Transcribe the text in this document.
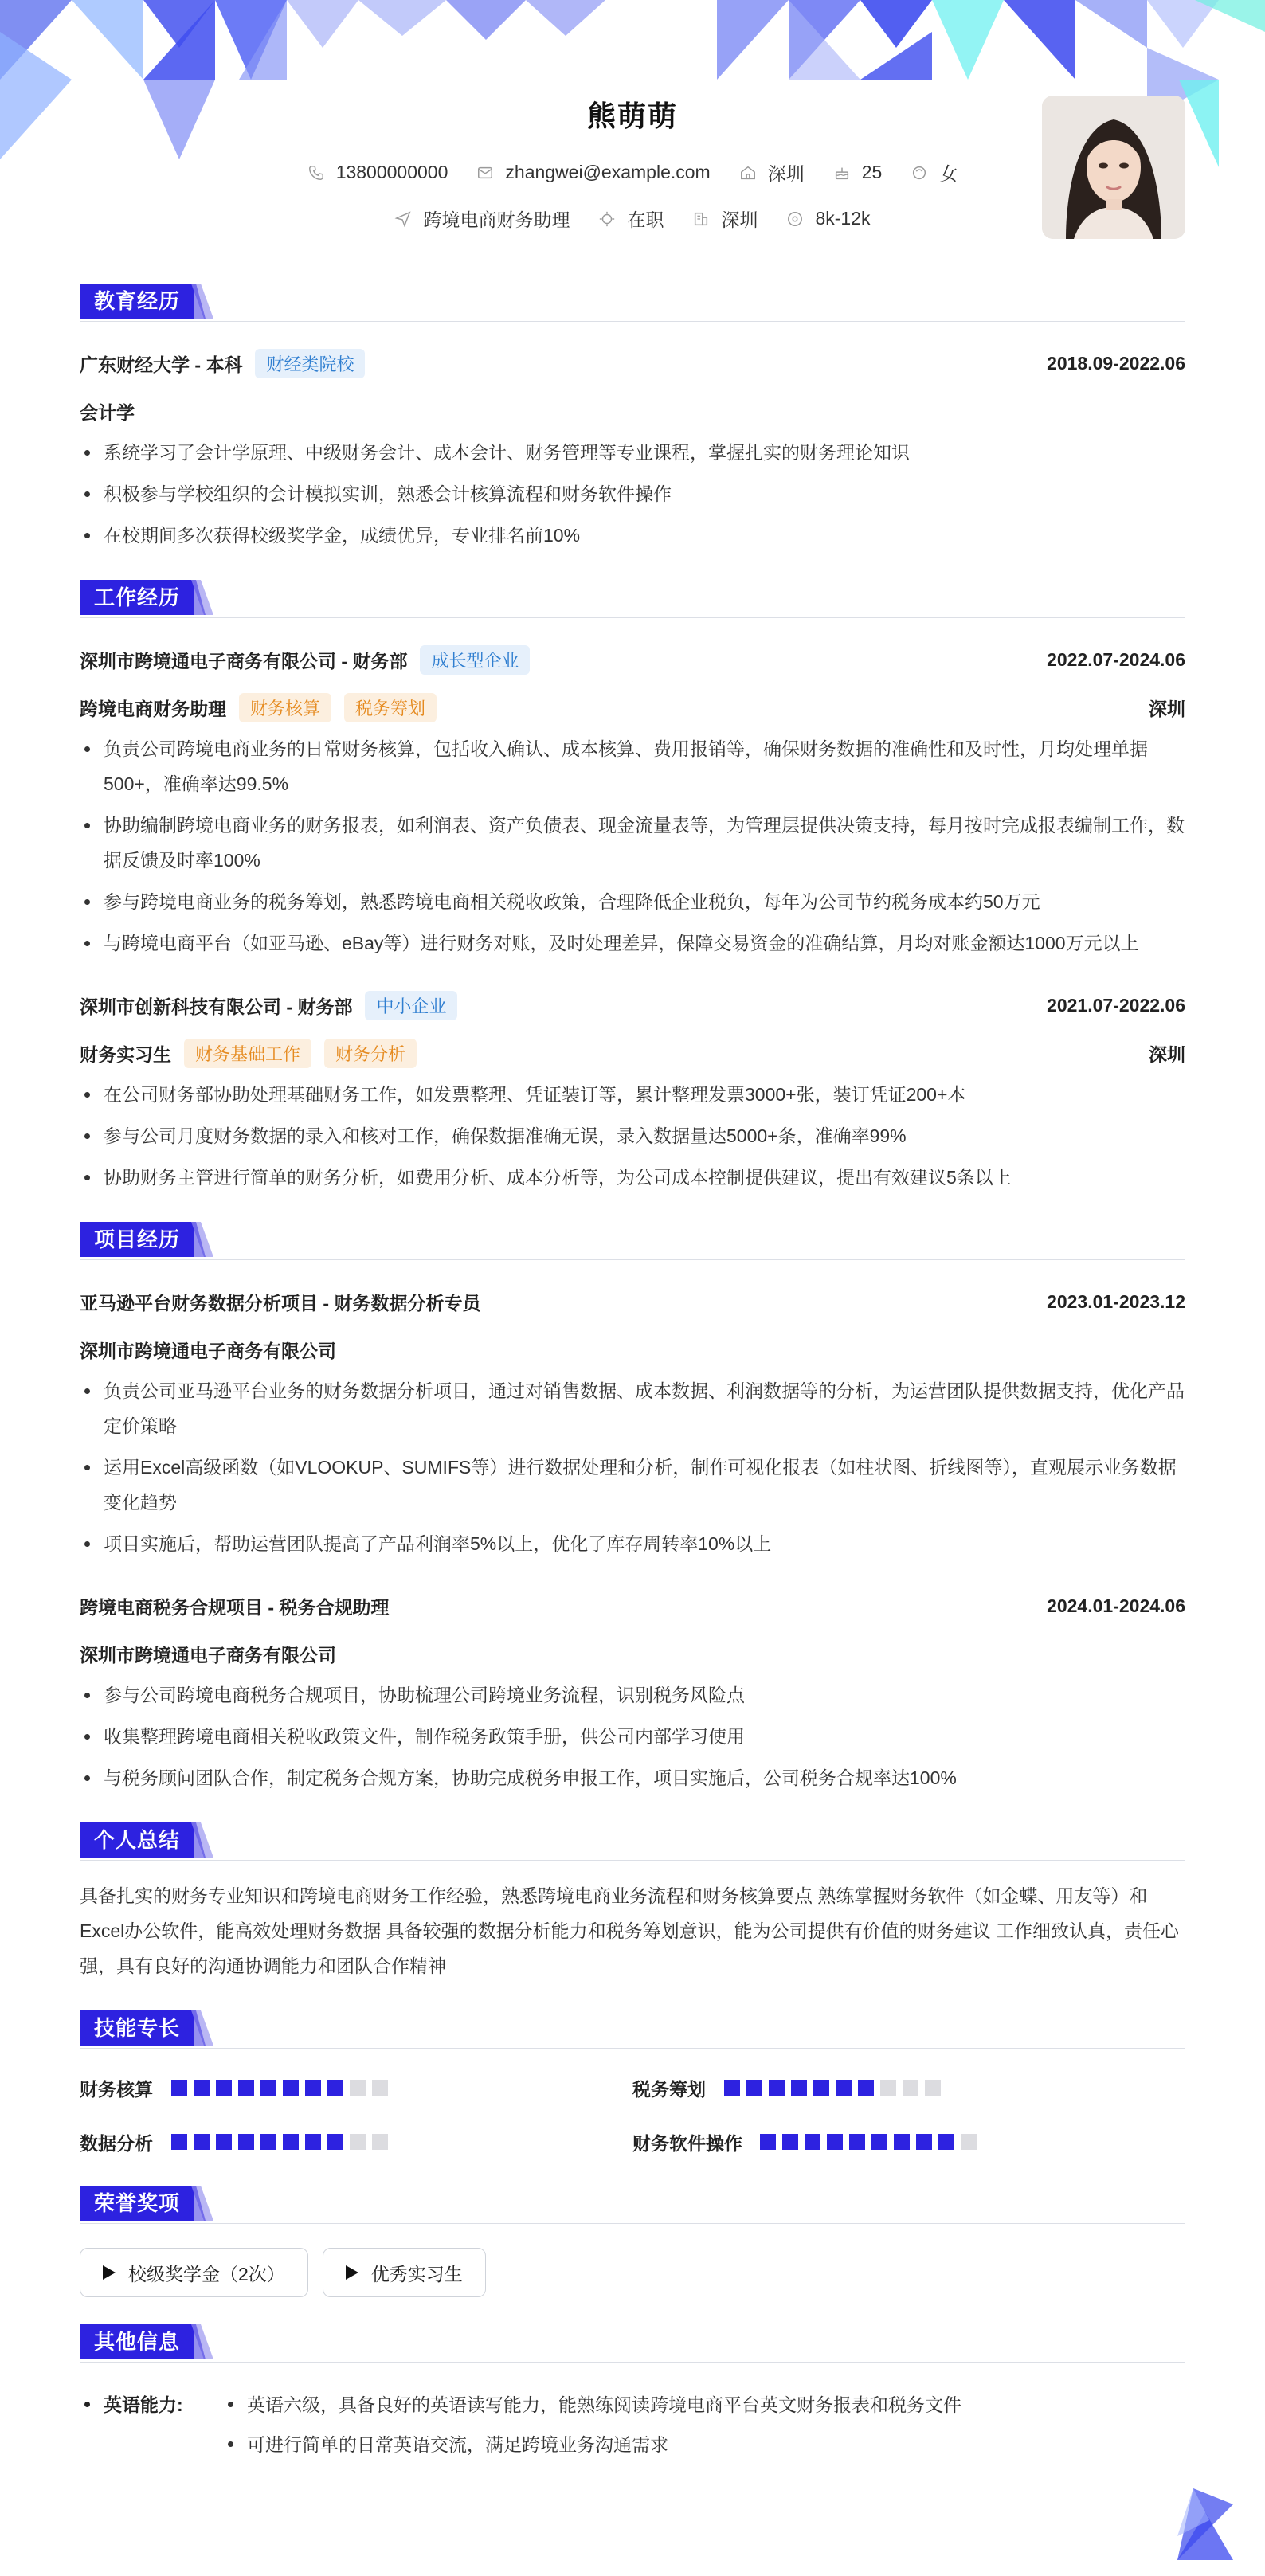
熊萌萌
13800000000	zhangwei@example.com	深圳	25	女
跨境电商财务助理	在职	深圳	8k-12k
教育经历
广东财经大学 - 本科	财经类院校	2018.09-2022.06
会计学
系统学习了会计学原理、中级财务会计、成本会计、财务管理等专业课程，掌握扎实的财务理论知识
积极参与学校组织的会计模拟实训，熟悉会计核算流程和财务软件操作
在校期间多次获得校级奖学金，成绩优异，专业排名前10%
工作经历
深圳市跨境通电子商务有限公司 - 财务部	成长型企业	2022.07-2024.06
跨境电商财务助理	财务核算	税务筹划	深圳
负责公司跨境电商业务的日常财务核算，包括收入确认、成本核算、费用报销等，确保财务数据的准确性和及时性，月均处理单据500+，准确率达99.5%
协助编制跨境电商业务的财务报表，如利润表、资产负债表、现金流量表等，为管理层提供决策支持，每月按时完成报表编制工作，数据反馈及时率100%
参与跨境电商业务的税务筹划，熟悉跨境电商相关税收政策，合理降低企业税负，每年为公司节约税务成本约50万元
与跨境电商平台（如亚马逊、eBay等）进行财务对账，及时处理差异，保障交易资金的准确结算，月均对账金额达1000万元以上
深圳市创新科技有限公司 - 财务部	中小企业	2021.07-2022.06
财务实习生	财务基础工作	财务分析	深圳
在公司财务部协助处理基础财务工作，如发票整理、凭证装订等，累计整理发票3000+张，装订凭证200+本
参与公司月度财务数据的录入和核对工作，确保数据准确无误，录入数据量达5000+条，准确率99%
协助财务主管进行简单的财务分析，如费用分析、成本分析等，为公司成本控制提供建议，提出有效建议5条以上
项目经历
亚马逊平台财务数据分析项目 - 财务数据分析专员	2023.01-2023.12
深圳市跨境通电子商务有限公司
负责公司亚马逊平台业务的财务数据分析项目，通过对销售数据、成本数据、利润数据等的分析，为运营团队提供数据支持，优化产品定价策略
运用Excel高级函数（如VLOOKUP、SUMIFS等）进行数据处理和分析，制作可视化报表（如柱状图、折线图等），直观展示业务数据变化趋势
项目实施后，帮助运营团队提高了产品利润率5%以上，优化了库存周转率10%以上
跨境电商税务合规项目 - 税务合规助理	2024.01-2024.06
深圳市跨境通电子商务有限公司
参与公司跨境电商税务合规项目，协助梳理公司跨境业务流程，识别税务风险点
收集整理跨境电商相关税收政策文件，制作税务政策手册，供公司内部学习使用
与税务顾问团队合作，制定税务合规方案，协助完成税务申报工作，项目实施后，公司税务合规率达100%
个人总结

具备扎实的财务专业知识和跨境电商财务工作经验，熟悉跨境电商业务流程和财务核算要点 熟练掌握财务软件（如金蝶、用友等）和Excel办公软件，能高效处理财务数据 具备较强的数据分析能力和税务筹划意识，能为公司提供有价值的财务建议 工作细致认真，责任心强，具有良好的沟通协调能力和团队合作精神

技能专长
财务核算	税务筹划
数据分析	财务软件操作
荣誉奖项
校级奖学金（2次）	优秀实习生
其他信息
英语能力:	英语六级，具备良好的英语读写能力，能熟练阅读跨境电商平台英文财务报表和税务文件
可进行简单的日常英语交流，满足跨境业务沟通需求
